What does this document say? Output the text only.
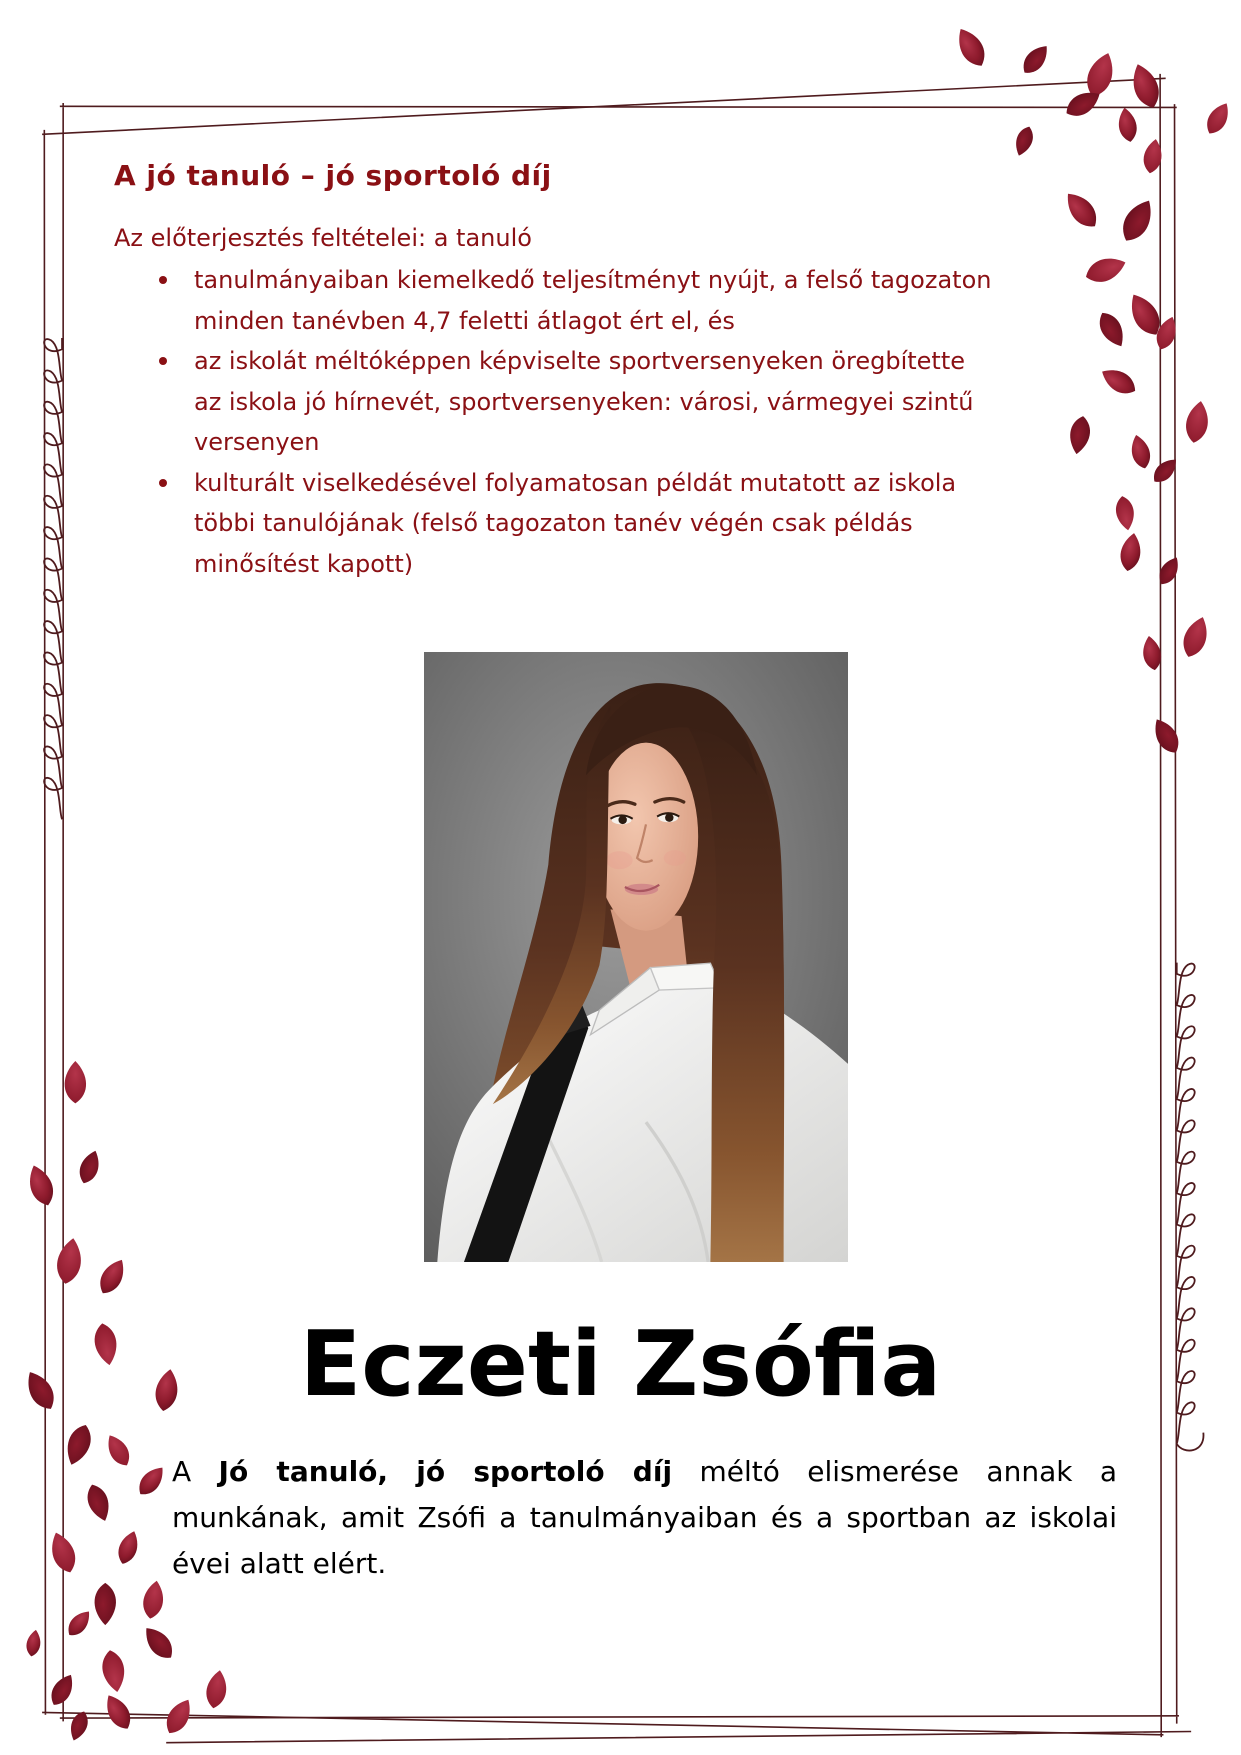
A jó tanuló – jó sportoló díj

Az előterjesztés feltételei: a tanuló

tanulmányaiban kiemelkedő teljesítményt nyújt, a felső tagozaton
minden tanévben 4,7 feletti átlagot ért el, és
az iskolát méltóképpen képviselte sportversenyeken öregbítette
az iskola jó hírnevét, sportversenyeken: városi, vármegyei szintű
versenyen
kulturált viselkedésével folyamatosan példát mutatott az iskola
többi tanulójának (felső tagozaton tanév végén csak példás
minősítést kapott)
Eczeti Zsófia
A Jó tanuló, jó sportoló díj méltó elismerése annak a
munkának, amit Zsófi a tanulmányaiban és a sportban az iskolai
évei alatt elért.
